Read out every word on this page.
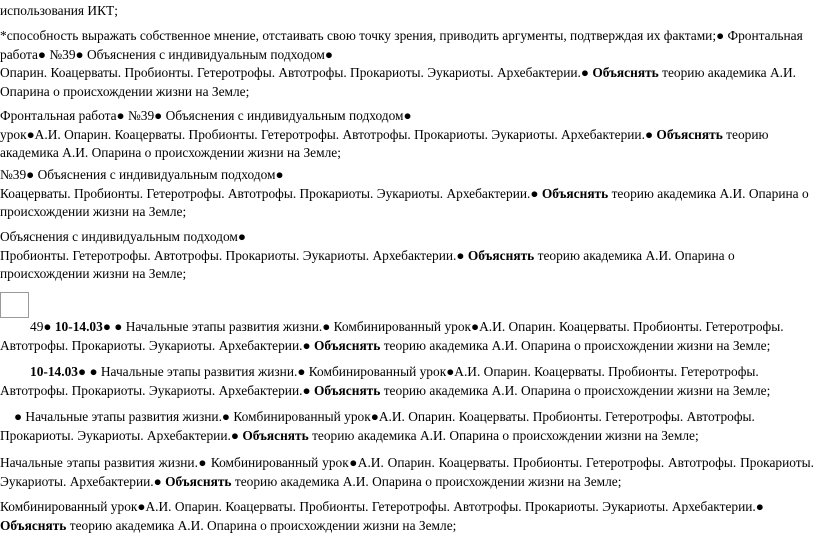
использования ИКТ;

*способность выражать собственное мнение, отстаивать свою точку зрения, приводить аргументы, подтверждая их фактами;● Фронтальная работа● №39● Объяснения с индивидуальным подходом●
Опарин. Коацерваты. Пробионты. Гетеротрофы. Автотрофы. Прокариоты. Эукариоты. Архебактерии.● Объяснять теорию академика А.И. Опарина о происхождении жизни на Земле;

Фронтальная работа● №39● Объяснения с индивидуальным подходом●
урок●А.И. Опарин. Коацерваты. Пробионты. Гетеротрофы. Автотрофы. Прокариоты. Эукариоты. Архебактерии.● Объяснять теорию академика А.И. Опарина о происхождении жизни на Земле;

№39● Объяснения с индивидуальным подходом●
Коацерваты. Пробионты. Гетеротрофы. Автотрофы. Прокариоты. Эукариоты. Архебактерии.● Объяснять теорию академика А.И. Опарина о происхождении жизни на Земле;

Объяснения с индивидуальным подходом●
Пробионты. Гетеротрофы. Автотрофы. Прокариоты. Эукариоты. Архебактерии.● Объяснять теорию академика А.И. Опарина о происхождении жизни на Земле;

49● 10-14.03● ● Начальные этапы развития жизни.● Комбинированный урок●А.И. Опарин. Коацерваты. Пробионты. Гетеротрофы. Автотрофы. Прокариоты. Эукариоты. Архебактерии.● Объяснять теорию академика А.И. Опарина о происхождении жизни на Земле;

10-14.03● ● Начальные этапы развития жизни.● Комбинированный урок●А.И. Опарин. Коацерваты. Пробионты. Гетеротрофы. Автотрофы. Прокариоты. Эукариоты. Архебактерии.● Объяснять теорию академика А.И. Опарина о происхождении жизни на Земле;

● Начальные этапы развития жизни.● Комбинированный урок●А.И. Опарин. Коацерваты. Пробионты. Гетеротрофы. Автотрофы. Прокариоты. Эукариоты. Архебактерии.● Объяснять теорию академика А.И. Опарина о происхождении жизни на Земле;

Начальные этапы развития жизни.● Комбинированный урок●А.И. Опарин. Коацерваты. Пробионты. Гетеротрофы. Автотрофы. Прокариоты. Эукариоты. Архебактерии.● Объяснять теорию академика А.И. Опарина о происхождении жизни на Земле;

Комбинированный урок●А.И. Опарин. Коацерваты. Пробионты. Гетеротрофы. Автотрофы. Прокариоты. Эукариоты. Архебактерии.● Объяснять теорию академика А.И. Опарина о происхождении жизни на Земле;
